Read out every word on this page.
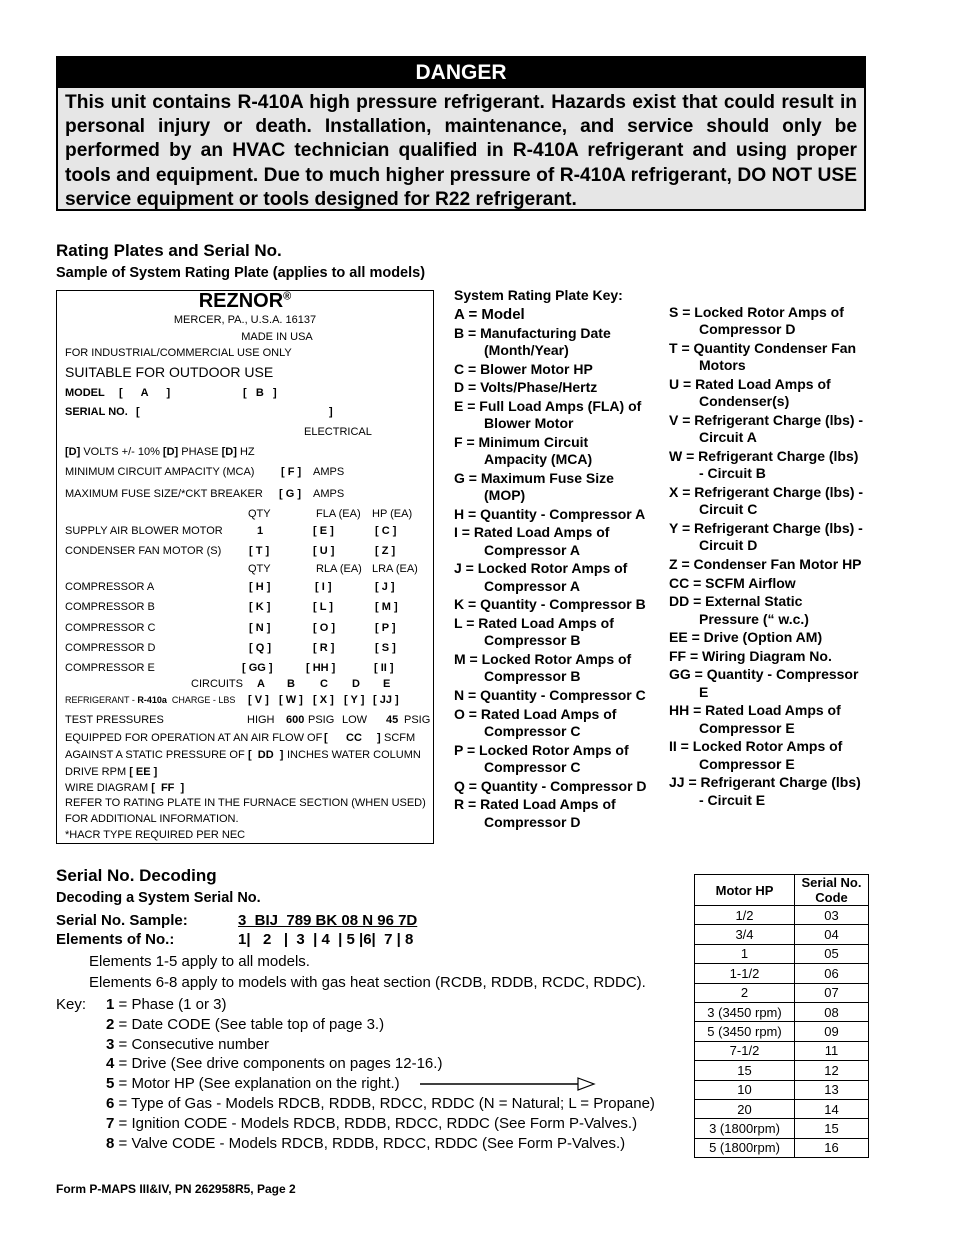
DANGER
This unit contains R-410A high pressure refrigerant. Hazards exist that could result in personal injury or death. Installation, maintenance, and service should only be performed by an HVAC technician qualified in R-410A refrigerant and using proper tools and equipment. Due to much higher pressure of R-410A refrigerant, DO NOT USE service equipment or tools designed for R22 refrigerant.
Rating Plates and Serial No.
Sample of System Rating Plate (applies to all models)
REZNOR®
MERCER, PA., U.S.A. 16137
MADE IN USA
FOR INDUSTRIAL/COMMERCIAL USE ONLY
SUITABLE FOR OUTDOOR USE
MODEL [      A      ]	[   B   ]
SERIAL NO. [	]
ELECTRICAL
[D] VOLTS +/- 10% [D] PHASE [D] HZ
MINIMUM CIRCUIT AMPACITY (MCA) [ F ] AMPS
MAXIMUM FUSE SIZE/*CKT BREAKER [ G ] AMPS
QTY	FLA (EA) HP (EA)
SUPPLY AIR BLOWER MOTOR	1	[ E ]	[ C ]
CONDENSER FAN MOTOR (S)	[ T ]	[ U ]	[ Z ]
QTY	RLA (EA) LRA (EA)
COMPRESSOR A	[ H ]	[ I ]	[ J ]
COMPRESSOR B	[ K ]	[ L ]	[ M ]
COMPRESSOR C	[ N ]	[ O ]	[ P ]
COMPRESSOR D	[ Q ]	[ R ]	[ S ]
COMPRESSOR E	[ GG ]	[ HH ]	[ II ]
CIRCUITS A B C D E
REFRIGERANT - R-410a CHARGE - LBS [ V ] [ W ] [ X ] [ Y ] [ JJ ]
TEST PRESSURES	HIGH 600 PSIG LOW 45 PSIG
EQUIPPED FOR OPERATION AT AN AIR FLOW OF [ CC ] SCFM
AGAINST A STATIC PRESSURE OF [  DD  ] INCHES WATER COLUMN
DRIVE RPM [ EE ]
WIRE DIAGRAM [  FF  ]
REFER TO RATING PLATE IN THE FURNACE SECTION (WHEN USED)
FOR ADDITIONAL INFORMATION.
*HACR TYPE REQUIRED PER NEC
System Rating Plate Key:
A = Model
B = Manufacturing Date
(Month/Year)
C = Blower Motor HP
D = Volts/Phase/Hertz
E = Full Load Amps (FLA) of
Blower Motor
F = Minimum Circuit
Ampacity (MCA)
G = Maximum Fuse Size
(MOP)
H = Quantity - Compressor A
I = Rated Load Amps of
Compressor A
J = Locked Rotor Amps of
Compressor A
K = Quantity - Compressor B
L = Rated Load Amps of
Compressor B
M = Locked Rotor Amps of
Compressor B
N = Quantity - Compressor C
O = Rated Load Amps of
Compressor C
P = Locked Rotor Amps of
Compressor C
Q = Quantity - Compressor D
R = Rated Load Amps of
Compressor D
S = Locked Rotor Amps of
Compressor D
T = Quantity Condenser Fan
Motors
U = Rated Load Amps of
Condenser(s)
V = Refrigerant Charge (lbs) -
Circuit A
W = Refrigerant Charge (lbs)
- Circuit B
X = Refrigerant Charge (lbs) -
Circuit C
Y = Refrigerant Charge (lbs) -
Circuit D
Z = Condenser Fan Motor HP
CC = SCFM Airflow
DD = External Static
Pressure (“ w.c.)
EE = Drive (Option AM)
FF = Wiring Diagram No.
GG = Quantity - Compressor
E
HH = Rated Load Amps of
Compressor E
II = Locked Rotor Amps of
Compressor E
JJ = Refrigerant Charge (lbs)
- Circuit E
Serial No. Decoding
Decoding a System Serial No.
Serial No. Sample:	3  BIJ  789 BK 08 N 96 7D
Elements of No.:	1|   2   |  3  | 4  | 5 |6|  7 | 8
Elements 1-5 apply to all models.
Elements 6-8 apply to models with gas heat section (RCDB, RDDB, RCDC, RDDC).
Key: 1 = Phase (1 or 3)
2 = Date CODE (See table top of page 3.)
3 = Consecutive number
4 = Drive (See drive components on pages 12-16.)
5 = Motor HP (See explanation on the right.)
6 = Type of Gas - Models RDCB, RDDB, RDCC, RDDC (N = Natural; L = Propane)
7 = Ignition CODE - Models RDCB, RDDB, RDCC, RDDC (See Form P-Valves.)
8 = Valve CODE - Models RDCB, RDDB, RDCC, RDDC (See Form P-Valves.)
Motor HP	Serial No. Code
1/2	03
3/4	04
1	05
1-1/2	06
2	07
3 (3450 rpm)	08
5 (3450 rpm)	09
7-1/2	11
15	12
10	13
20	14
3 (1800rpm)	15
5 (1800rpm)	16
Form P-MAPS III&IV, PN 262958R5, Page 2
